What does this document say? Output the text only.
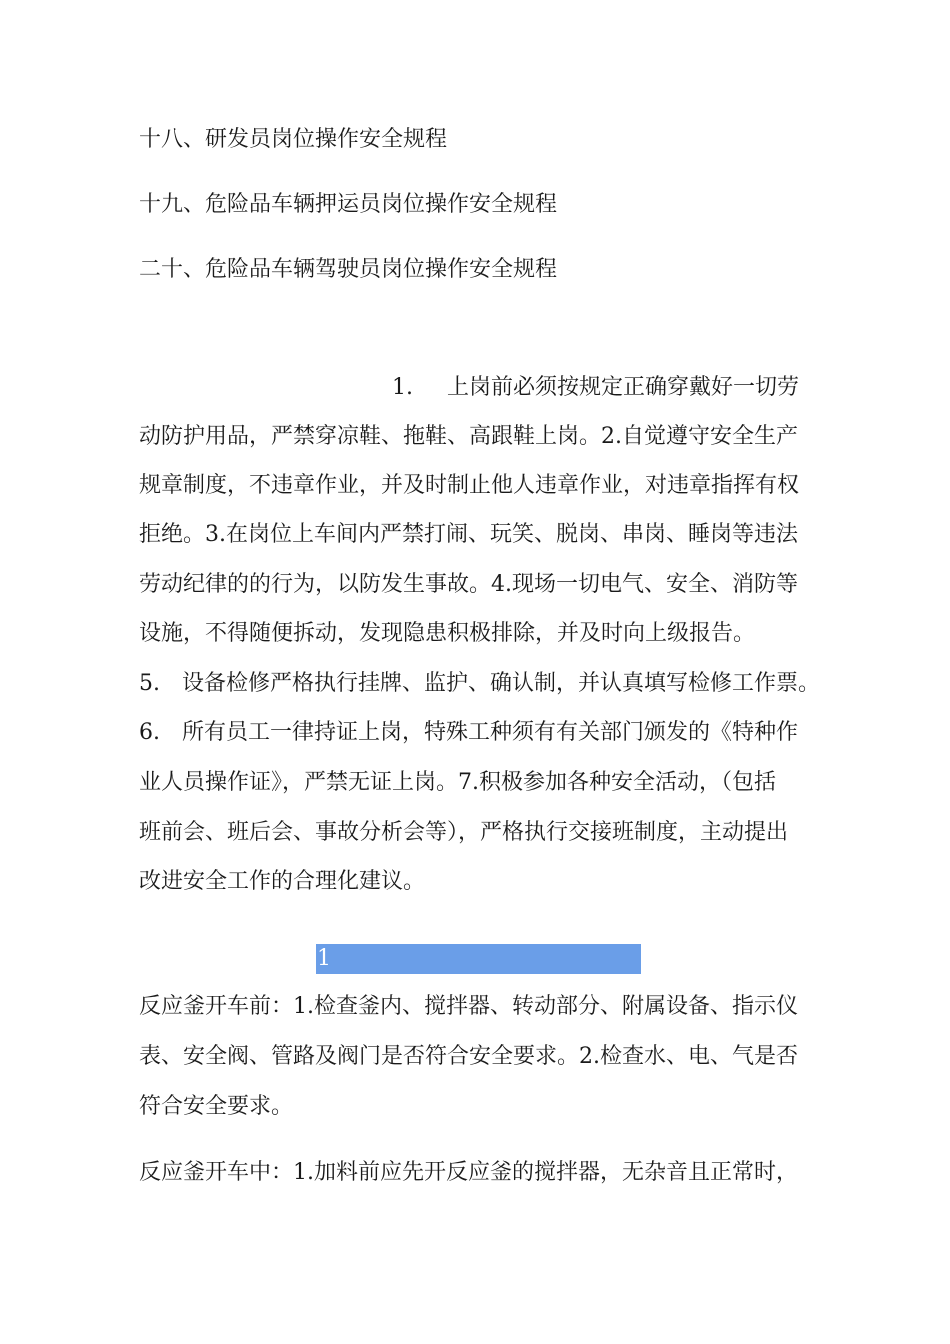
十八、研发员岗位操作安全规程
十九、危险品车辆押运员岗位操作安全规程
二十、危险品车辆驾驶员岗位操作安全规程
1. 上岗前必须按规定正确穿戴好一切劳
动防护用品，严禁穿凉鞋、拖鞋、高跟鞋上岗。2.自觉遵守安全生产
规章制度，不违章作业，并及时制止他人违章作业，对违章指挥有权
拒绝。3.在岗位上车间内严禁打闹、玩笑、脱岗、串岗、睡岗等违法
劳动纪律的的行为，以防发生事故。4.现场一切电气、安全、消防等
设施，不得随便拆动，发现隐患积极排除，并及时向上级报告。
5.　设备检修严格执行挂牌、监护、确认制，并认真填写检修工作票。
6.　所有员工一律持证上岗，特殊工种须有有关部门颁发的《特种作
业人员操作证》，严禁无证上岗。7.积极参加各种安全活动，（包括
班前会、班后会、事故分析会等），严格执行交接班制度，主动提出
改进安全工作的合理化建议。
1
反应釜开车前：1.检查釜内、搅拌器、转动部分、附属设备、指示仪
表、安全阀、管路及阀门是否符合安全要求。2.检查水、电、气是否
符合安全要求。
反应釜开车中：1.加料前应先开反应釜的搅拌器，无杂音且正常时，
